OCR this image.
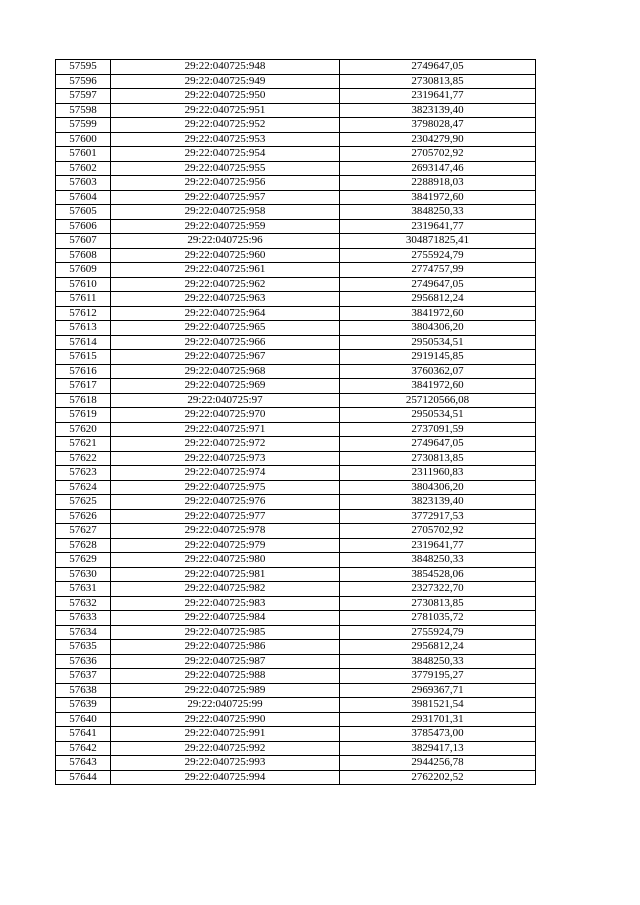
57595	29:22:040725:948	2749647,05
57596	29:22:040725:949	2730813,85
57597	29:22:040725:950	2319641,77
57598	29:22:040725:951	3823139,40
57599	29:22:040725:952	3798028,47
57600	29:22:040725:953	2304279,90
57601	29:22:040725:954	2705702,92
57602	29:22:040725:955	2693147,46
57603	29:22:040725:956	2288918,03
57604	29:22:040725:957	3841972,60
57605	29:22:040725:958	3848250,33
57606	29:22:040725:959	2319641,77
57607	29:22:040725:96	304871825,41
57608	29:22:040725:960	2755924,79
57609	29:22:040725:961	2774757,99
57610	29:22:040725:962	2749647,05
57611	29:22:040725:963	2956812,24
57612	29:22:040725:964	3841972,60
57613	29:22:040725:965	3804306,20
57614	29:22:040725:966	2950534,51
57615	29:22:040725:967	2919145,85
57616	29:22:040725:968	3760362,07
57617	29:22:040725:969	3841972,60
57618	29:22:040725:97	257120566,08
57619	29:22:040725:970	2950534,51
57620	29:22:040725:971	2737091,59
57621	29:22:040725:972	2749647,05
57622	29:22:040725:973	2730813,85
57623	29:22:040725:974	2311960,83
57624	29:22:040725:975	3804306,20
57625	29:22:040725:976	3823139,40
57626	29:22:040725:977	3772917,53
57627	29:22:040725:978	2705702,92
57628	29:22:040725:979	2319641,77
57629	29:22:040725:980	3848250,33
57630	29:22:040725:981	3854528,06
57631	29:22:040725:982	2327322,70
57632	29:22:040725:983	2730813,85
57633	29:22:040725:984	2781035,72
57634	29:22:040725:985	2755924,79
57635	29:22:040725:986	2956812,24
57636	29:22:040725:987	3848250,33
57637	29:22:040725:988	3779195,27
57638	29:22:040725:989	2969367,71
57639	29:22:040725:99	3981521,54
57640	29:22:040725:990	2931701,31
57641	29:22:040725:991	3785473,00
57642	29:22:040725:992	3829417,13
57643	29:22:040725:993	2944256,78
57644	29:22:040725:994	2762202,52
